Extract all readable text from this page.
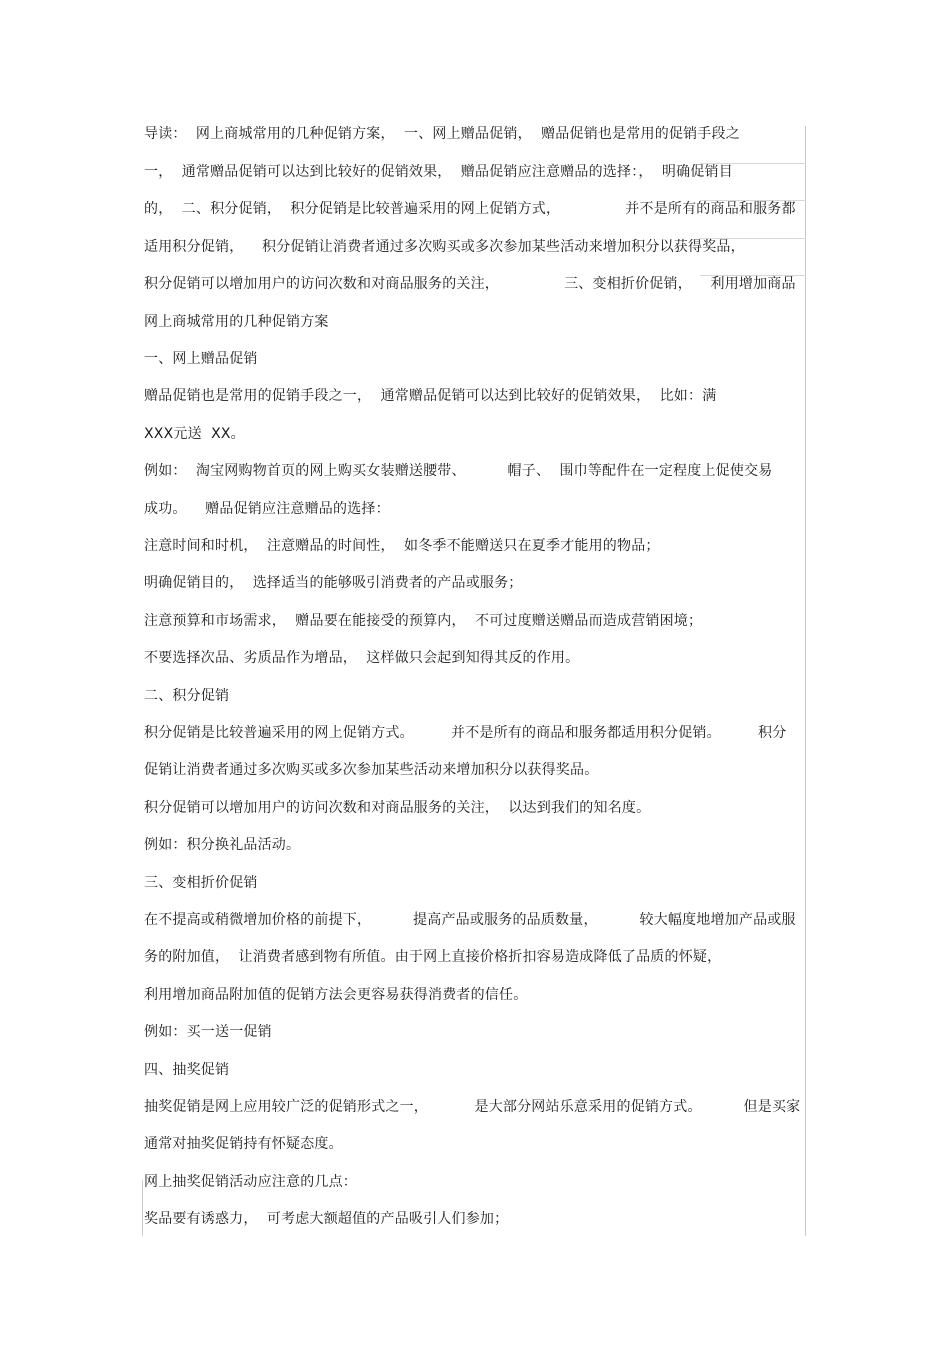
导读：  网上商城常用的几种促销方案，  一、网上赠品促销，  赠品促销也是常用的促销手段之
一，  通常赠品促销可以达到比较好的促销效果，  赠品促销应注意赠品的选择：，  明确促销目
的，  二、积分促销，  积分促销是比较普遍采用的网上促销方式，              并不是所有的商品和服务都
适用积分促销，    积分促销让消费者通过多次购买或多次参加某些活动来增加积分以获得奖品，
积分促销可以增加用户的访问次数和对商品服务的关注，              三、变相折价促销，    利用增加商品
网上商城常用的几种促销方案
一、网上赠品促销
赠品促销也是常用的促销手段之一，  通常赠品促销可以达到比较好的促销效果，  比如：满
XXX元送  XX。
例如：  淘宝网购物首页的网上购买女装赠送腰带、         帽子、  围巾等配件在一定程度上促使交易
成功。    赠品促销应注意赠品的选择：
注意时间和时机，  注意赠品的时间性，  如冬季不能赠送只在夏季才能用的物品；
明确促销目的，  选择适当的能够吸引消费者的产品或服务；
注意预算和市场需求，  赠品要在能接受的预算内，  不可过度赠送赠品而造成营销困境；
不要选择次品、劣质品作为增品，  这样做只会起到知得其反的作用。
二、积分促销
积分促销是比较普遍采用的网上促销方式。        并不是所有的商品和服务都适用积分促销。        积分
促销让消费者通过多次购买或多次参加某些活动来增加积分以获得奖品。
积分促销可以增加用户的访问次数和对商品服务的关注，  以达到我们的知名度。
例如：积分换礼品活动。
三、变相折价促销
在不提高或稍微增加价格的前提下，         提高产品或服务的品质数量，         较大幅度地增加产品或服
务的附加值，  让消费者感到物有所值。由于网上直接价格折扣容易造成降低了品质的怀疑，
利用增加商品附加值的促销方法会更容易获得消费者的信任。
例如：买一送一促销
四、抽奖促销
抽奖促销是网上应用较广泛的促销形式之一，          是大部分网站乐意采用的促销方式。         但是买家
通常对抽奖促销持有怀疑态度。
网上抽奖促销活动应注意的几点：
奖品要有诱惑力，  可考虑大额超值的产品吸引人们参加；
